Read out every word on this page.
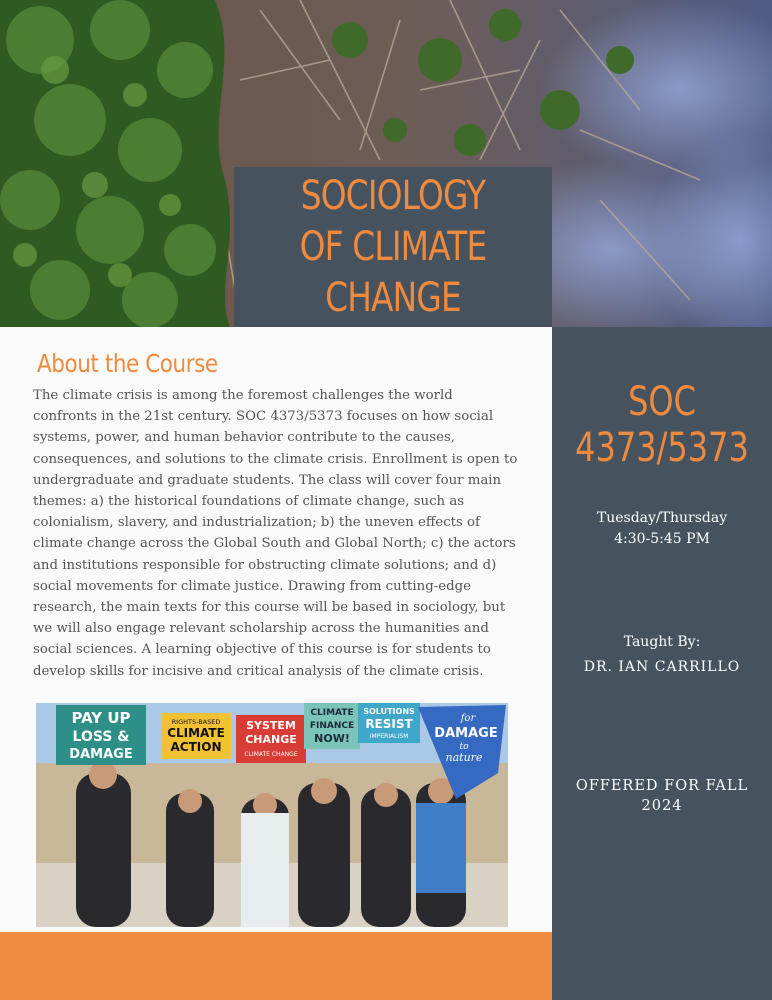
SOCIOLOGY
OF CLIMATE
CHANGE
About the Course

The climate crisis is among the foremost challenges the world confronts in the 21st century. SOC 4373/5373 focuses on how social systems, power, and human behavior contribute to the causes, consequences, and solutions to the climate crisis. Enrollment is open to undergraduate and graduate students. The class will cover four main themes: a) the historical foundations of climate change, such as colonialism, slavery, and industrialization; b) the uneven effects of climate change across the Global South and Global North; c) the actors and institutions responsible for obstructing climate solutions; and d) social movements for climate justice. Drawing from cutting-edge research, the main texts for this course will be based in sociology, but we will also engage relevant scholarship across the humanities and social sciences. A learning objective of this course is for students to develop skills for incisive and critical analysis of the climate crisis.

PAY UP
LOSS &
DAMAGE
RIGHTS-BASED
CLIMATE
ACTION
SYSTEM
CHANGE
CLIMATE CHANGE
CLIMATE
FINANCE
NOW!
SOLUTIONS
RESIST
IMPERIALISM
for
DAMAGE
to
nature
SOC
4373/5373
Tuesday/Thursday
4:30-5:45 PM
Taught By:
DR. IAN CARRILLO
OFFERED FOR FALL
2024
